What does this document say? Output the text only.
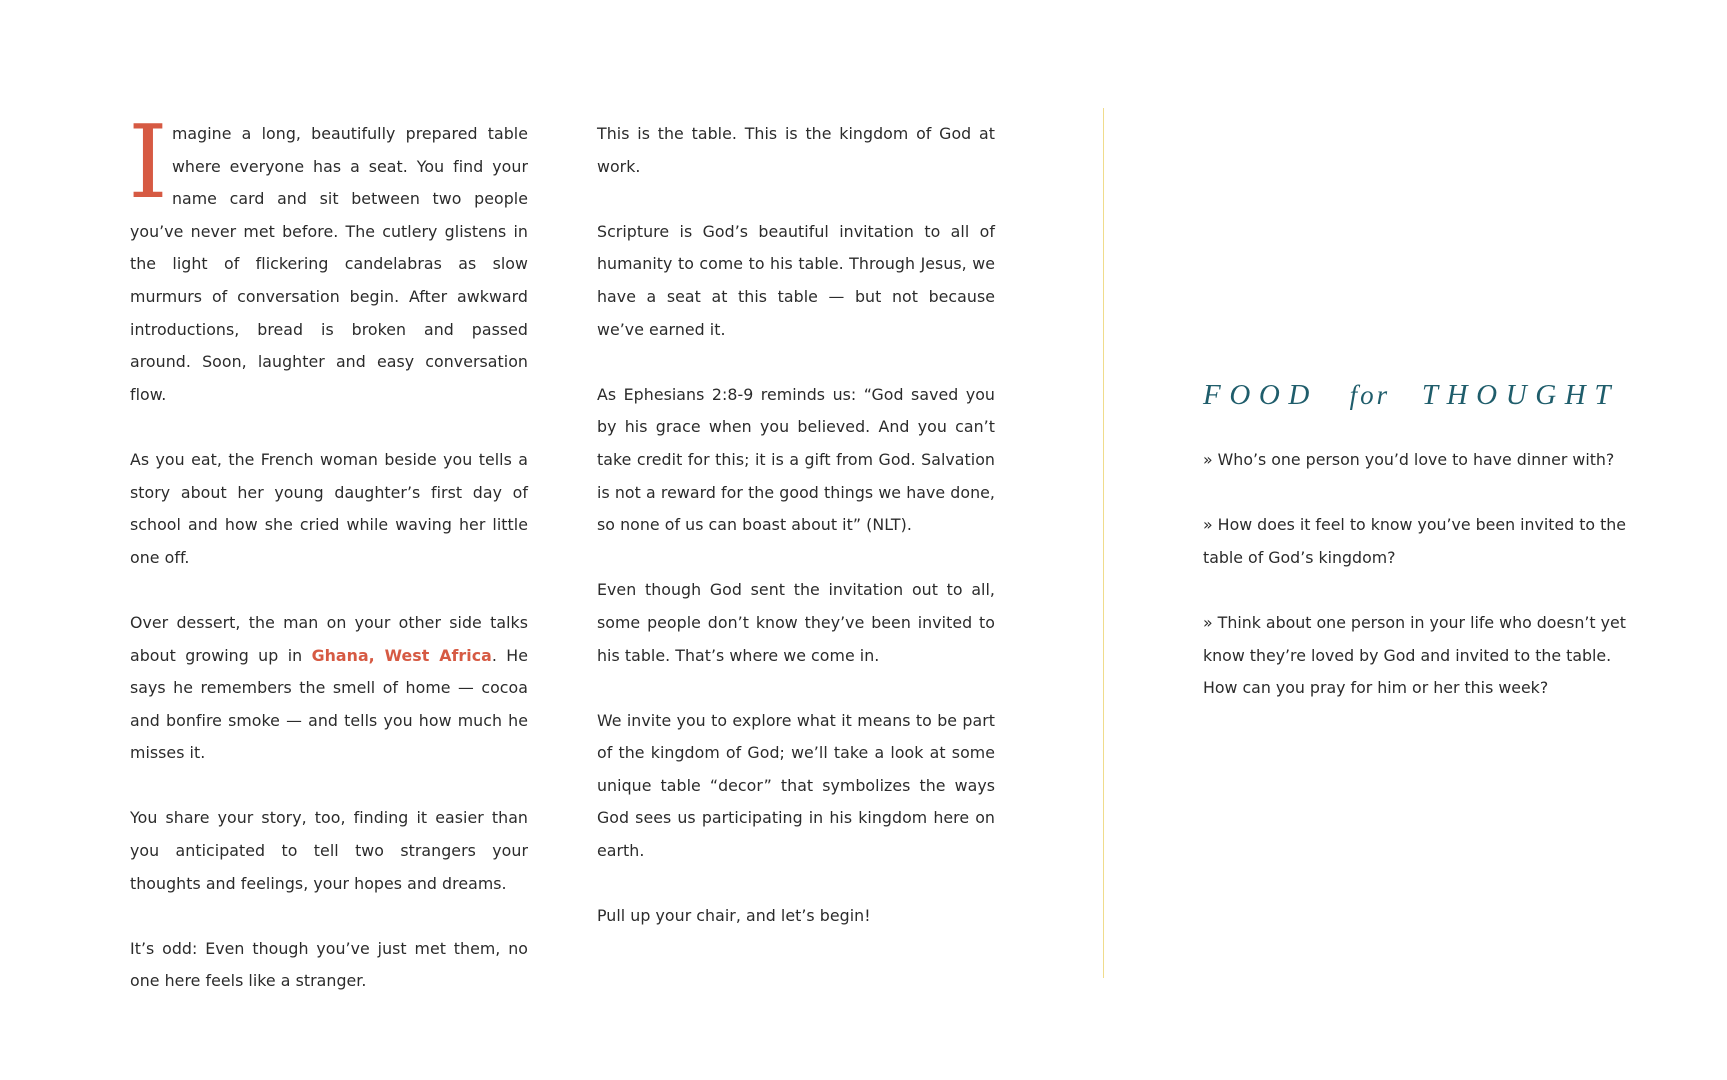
Imagine a long, beautifully prepared table where everyone has a seat. You find your name card and sit between two people you’ve never met before. The cutlery glistens in the light of flickering candelabras as slow murmurs of conversation begin. After awkward introductions, bread is broken and passed around. Soon, laughter and easy conversation flow.

As you eat, the French woman beside you tells a story about her young daughter’s first day of school and how she cried while waving her little one off.

Over dessert, the man on your other side talks about growing up in Ghana, West Africa. He says he remembers the smell of home — cocoa and bonfire smoke — and tells you how much he misses it.

You share your story, too, finding it easier than you anticipated to tell two strangers your thoughts and feelings, your hopes and dreams.

It’s odd: Even though you’ve just met them, no one here feels like a stranger.

This is the table. This is the kingdom of God at work.

Scripture is God’s beautiful invitation to all of humanity to come to his table. Through Jesus, we have a seat at this table — but not because we’ve earned it.

As Ephesians 2:8-9 reminds us: “God saved you by his grace when you believed. And you can’t take credit for this; it is a gift from God. Salvation is not a reward for the good things we have done, so none of us can boast about it” (NLT).

Even though God sent the invitation out to all, some people don’t know they’ve been invited to his table. That’s where we come in.

We invite you to explore what it means to be part of the kingdom of God; we’ll take a look at some unique table “decor” that symbolizes the ways God sees us participating in his kingdom here on earth.

Pull up your chair, and let’s begin!

FOOD for THOUGHT

» Who’s one person you’d love to have dinner with?

» How does it feel to know you’ve been invited to the table of God’s kingdom?

» Think about one person in your life who doesn’t yet know they’re loved by God and invited to the table. How can you pray for him or her this week?
